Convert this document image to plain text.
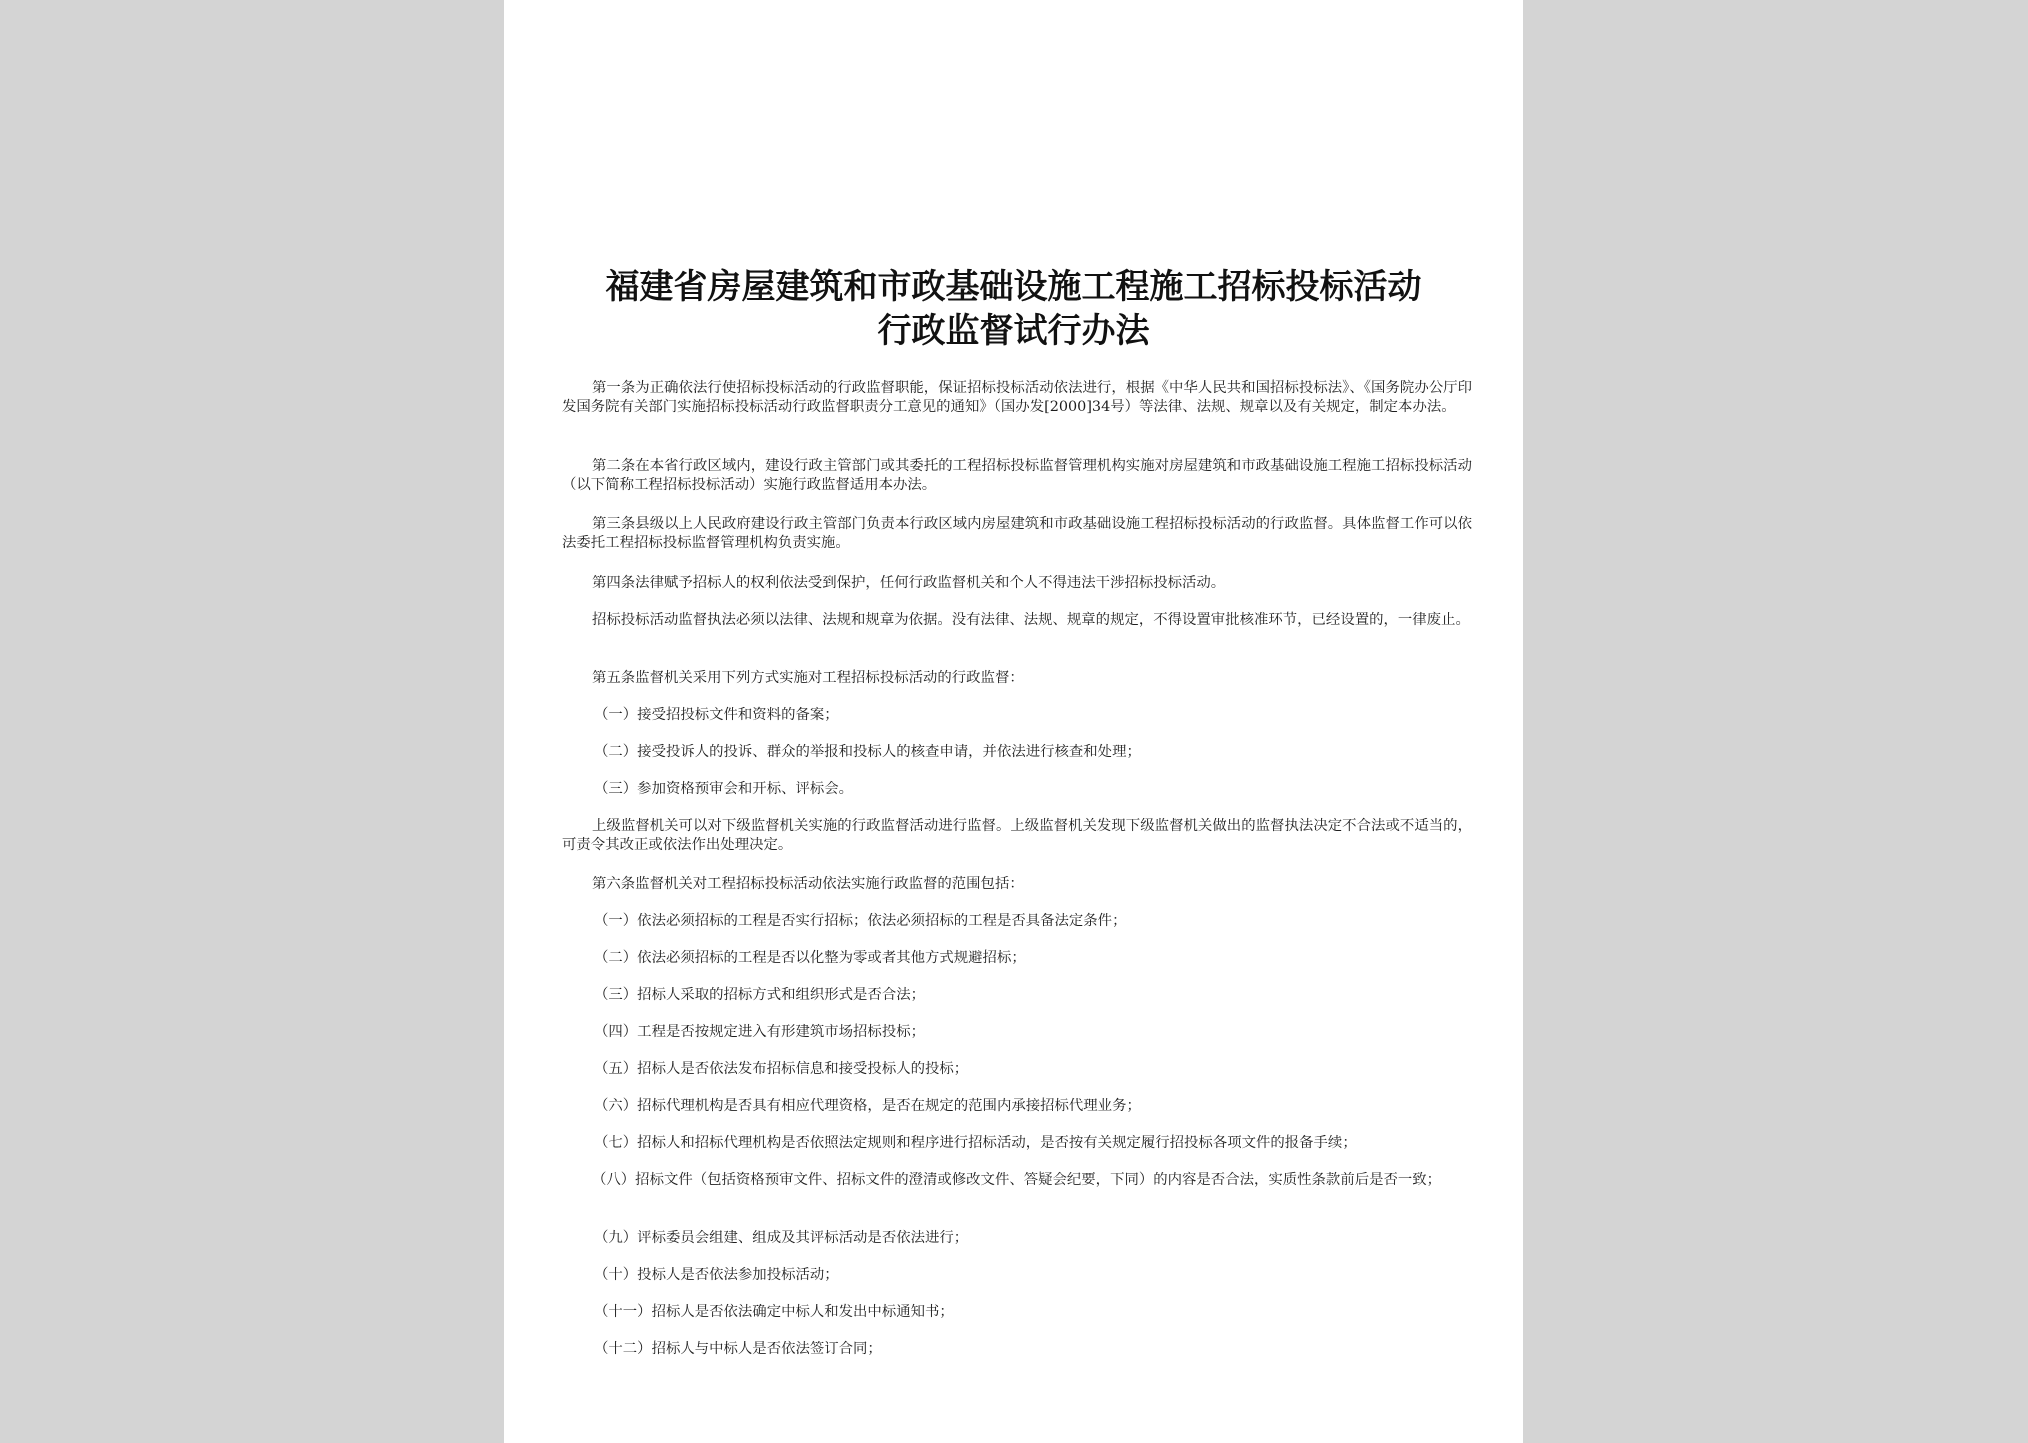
福建省房屋建筑和市政基础设施工程施工招标投标活动
行政监督试行办法
第一条为正确依法行使招标投标活动的行政监督职能，保证招标投标活动依法进行，根据《中华人民共和国招标投标法》、《国务院办公厅印发国务院有关部门实施招标投标活动行政监督职责分工意见的通知》（国办发[2000]34号）等法律、法规、规章以及有关规定，制定本办法。
第二条在本省行政区域内，建设行政主管部门或其委托的工程招标投标监督管理机构实施对房屋建筑和市政基础设施工程施工招标投标活动（以下简称工程招标投标活动）实施行政监督适用本办法。
第三条县级以上人民政府建设行政主管部门负责本行政区域内房屋建筑和市政基础设施工程招标投标活动的行政监督。具体监督工作可以依法委托工程招标投标监督管理机构负责实施。
第四条法律赋予招标人的权利依法受到保护，任何行政监督机关和个人不得违法干涉招标投标活动。
招标投标活动监督执法必须以法律、法规和规章为依据。没有法律、法规、规章的规定，不得设置审批核准环节，已经设置的，一律废止。
第五条监督机关采用下列方式实施对工程招标投标活动的行政监督：
（一）接受招投标文件和资料的备案；
（二）接受投诉人的投诉、群众的举报和投标人的核查申请，并依法进行核查和处理；
（三）参加资格预审会和开标、评标会。
上级监督机关可以对下级监督机关实施的行政监督活动进行监督。上级监督机关发现下级监督机关做出的监督执法决定不合法或不适当的，可责令其改正或依法作出处理决定。
第六条监督机关对工程招标投标活动依法实施行政监督的范围包括：
（一）依法必须招标的工程是否实行招标；依法必须招标的工程是否具备法定条件；
（二）依法必须招标的工程是否以化整为零或者其他方式规避招标；
（三）招标人采取的招标方式和组织形式是否合法；
（四）工程是否按规定进入有形建筑市场招标投标；
（五）招标人是否依法发布招标信息和接受投标人的投标；
（六）招标代理机构是否具有相应代理资格，是否在规定的范围内承接招标代理业务；
（七）招标人和招标代理机构是否依照法定规则和程序进行招标活动，是否按有关规定履行招投标各项文件的报备手续；
（八）招标文件（包括资格预审文件、招标文件的澄清或修改文件、答疑会纪要，下同）的内容是否合法，实质性条款前后是否一致；
（九）评标委员会组建、组成及其评标活动是否依法进行；
（十）投标人是否依法参加投标活动；
（十一）招标人是否依法确定中标人和发出中标通知书；
（十二）招标人与中标人是否依法签订合同；
